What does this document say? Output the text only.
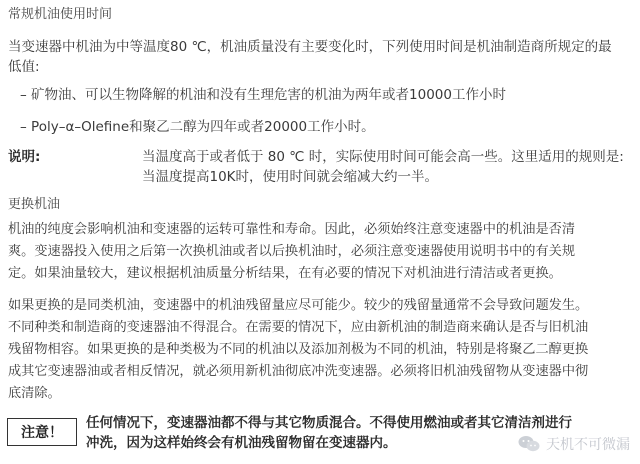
常规机油使用时间
当变速器中机油为中等温度80 ℃，机油质量没有主要变化时，下列使用时间是机油制造商所规定的最
低值:
– 矿物油、可以生物降解的机油和没有生理危害的机油为两年或者10000工作小时
– Poly–α–Olefine和聚乙二醇为四年或者20000工作小时。
说明:	当温度高于或者低于 80 ℃ 时，实际使用时间可能会高一些。这里适用的规则是:
当温度提高10K时，使用时间就会缩减大约一半。
更换机油
机油的纯度会影响机油和变速器的运转可靠性和寿命。因此，必须始终注意变速器中的机油是否清
爽。变速器投入使用之后第一次换机油或者以后换机油时，必须注意变速器使用说明书中的有关规
定。如果油量较大，建议根据机油质量分析结果，在有必要的情况下对机油进行清洁或者更换。
如果更换的是同类机油，变速器中的机油残留量应尽可能少。较少的残留量通常不会导致问题发生。
不同种类和制造商的变速器油不得混合。在需要的情况下，应由新机油的制造商来确认是否与旧机油
残留物相容。如果更换的是种类极为不同的机油以及添加剂极为不同的机油，特别是将聚乙二醇更换
成其它变速器油或者相反情况，就必须用新机油彻底冲洗变速器。必须将旧机油残留物从变速器中彻
底清除。
注意！
任何情况下，变速器油都不得与其它物质混合。不得使用燃油或者其它清洁剂进行
冲洗，因为这样始终会有机油残留物留在变速器内。	天机不可微漏
